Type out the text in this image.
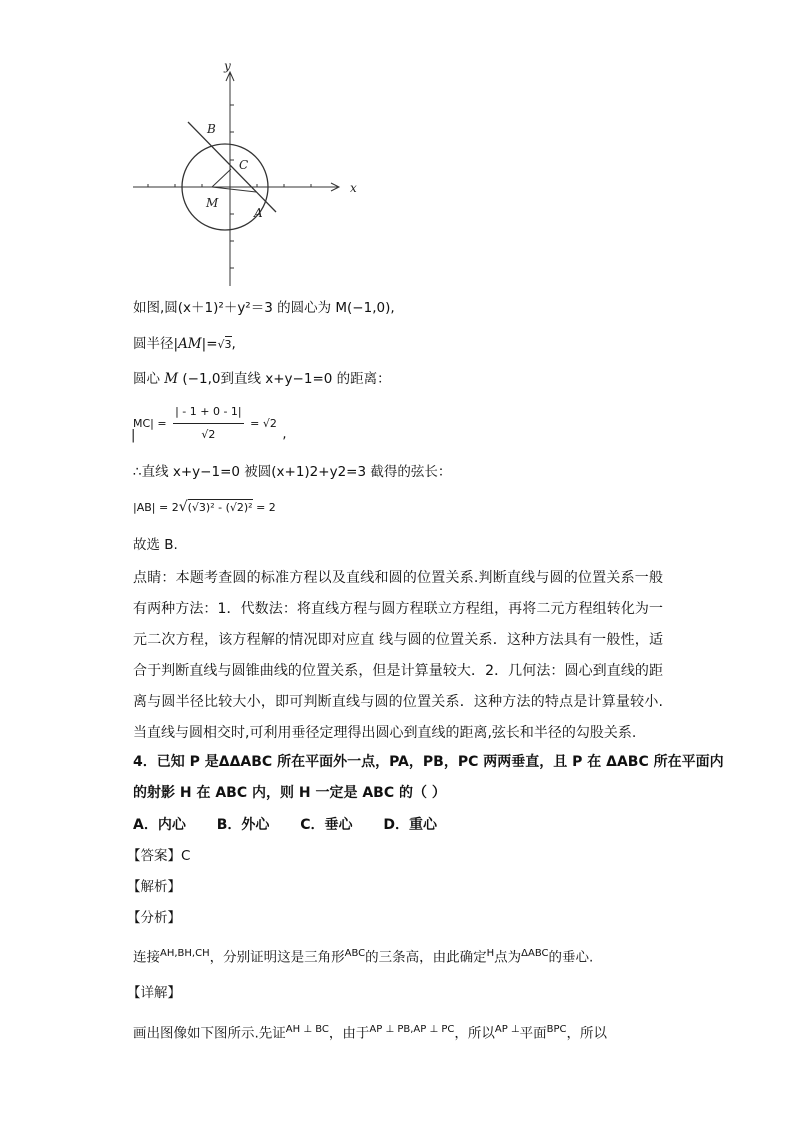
y
x
B
C
M
A
如图,圆(x＋1)²＋y²＝3 的圆心为 M(−1,0),
圆半径|AM|=√3,
圆心 M (−1,0到直线 x+y−1=0 的距离：
$MC| = \frac{| - 1 + 0 - 1|}{√2} = √2$ ,
|
∴直线 x+y−1=0 被圆(x+1)2+y2=3 截得的弦长：
|AB| = 2√(√3)² - (√2)² = 2
故选 B.
点睛：本题考查圆的标准方程以及直线和圆的位置关系.判断直线与圆的位置关系一般有两种方法：1．代数法：将直线方程与圆方程联立方程组，再将二元方程组转化为一元二次方程，该方程解的情况即对应直 线与圆的位置关系．这种方法具有一般性，适合于判断直线与圆锥曲线的位置关系，但是计算量较大．2．几何法：圆心到直线的距离与圆半径比较大小，即可判断直线与圆的位置关系．这种方法的特点是计算量较小.当直线与圆相交时,可利用垂径定理得出圆心到直线的距离,弦长和半径的勾股关系.
4．已知 P 是ΔΔABC 所在平面外一点，PA，PB，PC 两两垂直，且 P 在 ΔABC 所在平面内
的射影 H 在 ABC 内，则 H 一定是 ABC 的（ ）
A．内心 B．外心 C．垂心 D．重心
【答案】C
【解析】
【分析】
连接$^{AH,BH,CH}$，分别证明这是三角形$^{ABC}$的三条高，由此确定$^H$点为$^{\Delta ABC}$的垂心.
【详解】
画出图像如下图所示.先证$^{AH \perp BC}$，由于$^{AP \perp PB,AP \perp PC}$，所以$^{AP \perp}$平面$^{BPC}$，所以
